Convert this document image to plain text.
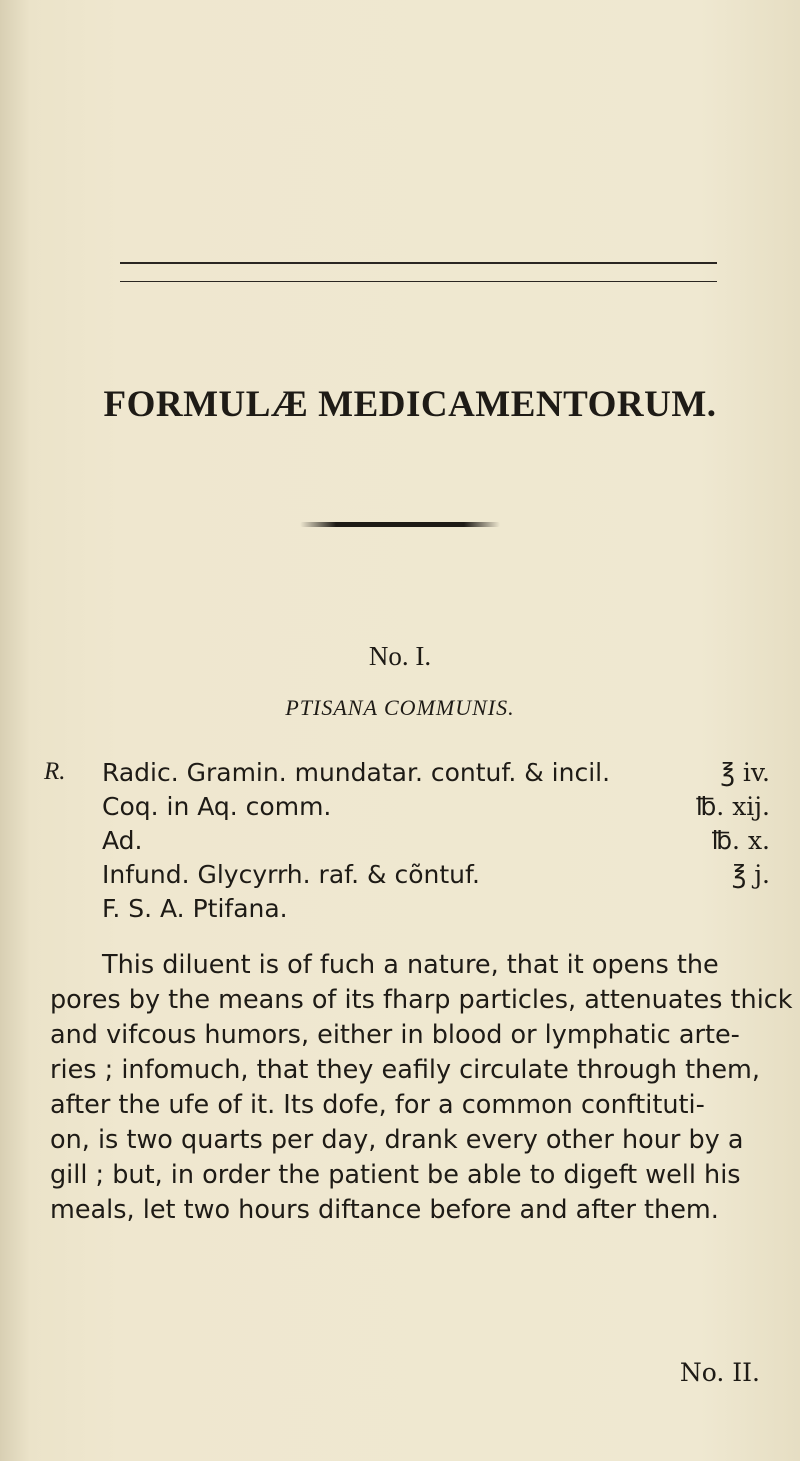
FORMULÆ MEDICAMENTORUM.
No. I.
PTISANA COMMUNIS.
R. Radic. Gramin. mundatar. contuf. & incil.	℥ iv.
Coq. in Aq. comm.	℔. xij.
Ad.	℔. x.
Infund. Glycyrrh. raf. & cõntuf.	℥ j.
F. S. A. Ptifana.
This diluent is of fuch a nature, that it opens the
pores by the means of its fharp particles, attenuates thick
and vifcous humors, either in blood or lymphatic arte-
ries ; infomuch, that they eafily circulate through them,
after the ufe of it. Its dofe, for a common conftituti-
on, is two quarts per day, drank every other hour by a
gill ; but, in order the patient be able to digeft well his
meals, let two hours diftance before and after them.
No. II.
